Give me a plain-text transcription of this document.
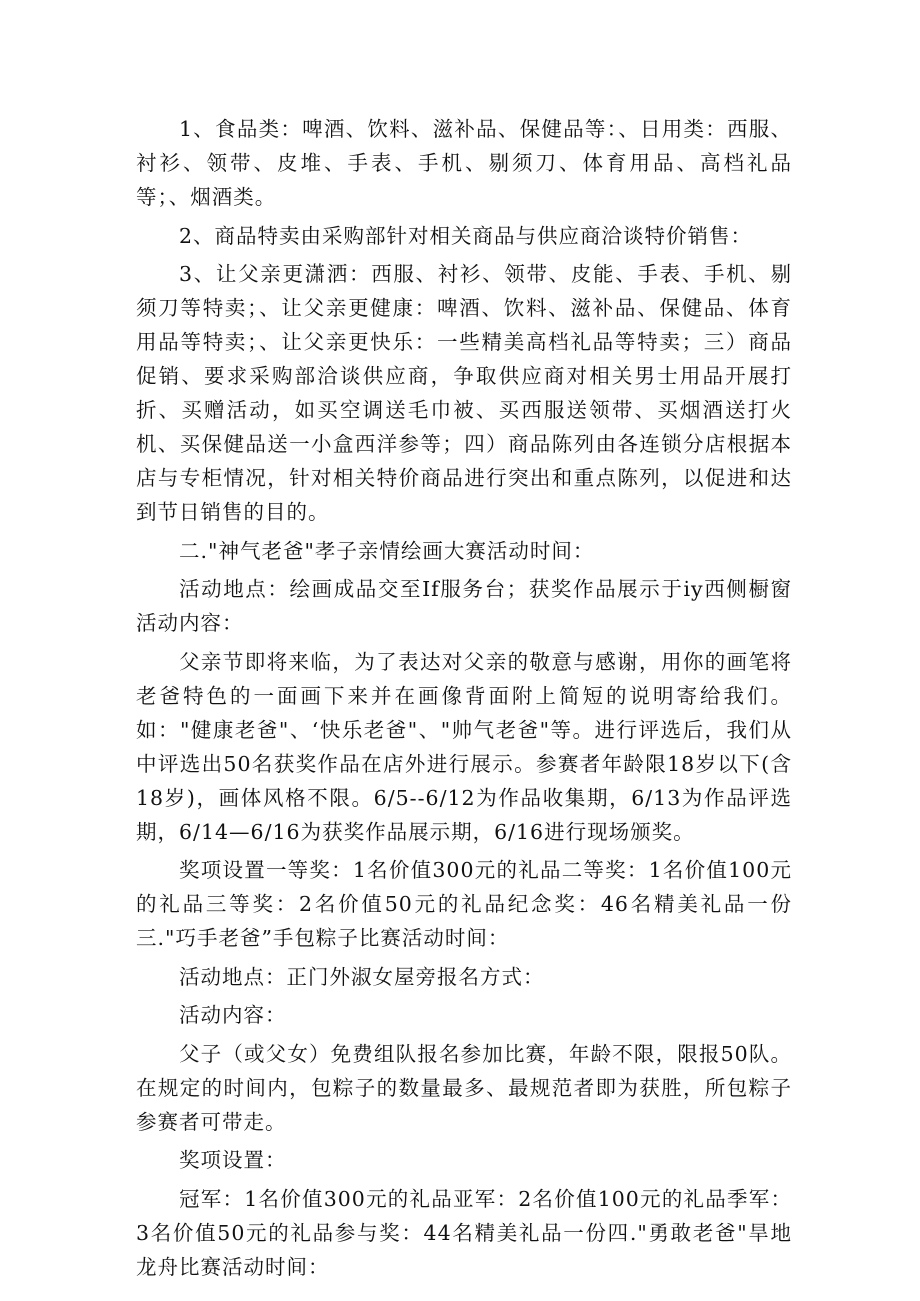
1、食品类：啤酒、饮料、滋补品、保健品等：、日用类：西服、衬衫、领带、皮堆、手表、手机、剔须刀、体育用品、高档礼品等；、烟酒类。

2、商品特卖由采购部针对相关商品与供应商洽谈特价销售：

3、让父亲更潇洒：西服、衬衫、领带、皮能、手表、手机、剔须刀等特卖；、让父亲更健康：啤酒、饮料、滋补品、保健品、体育用品等特卖；、让父亲更快乐：一些精美高档礼品等特卖；三）商品促销、要求采购部洽谈供应商，争取供应商对相关男士用品开展打折、买赠活动，如买空调送毛巾被、买西服送领带、买烟酒送打火机、买保健品送一小盒西洋参等；四）商品陈列由各连锁分店根据本店与专柜情况，针对相关特价商品进行突出和重点陈列，以促进和达到节日销售的目的。

二."神气老爸"孝子亲情绘画大赛活动时间：

活动地点：绘画成品交至If服务台；获奖作品展示于iy西侧橱窗活动内容：

父亲节即将来临，为了表达对父亲的敬意与感谢，用你的画笔将老爸特色的一面画下来并在画像背面附上简短的说明寄给我们。如："健康老爸"、‘快乐老爸"、"帅气老爸"等。进行评选后，我们从中评选出50名获奖作品在店外进行展示。参赛者年龄限18岁以下(含18岁)，画体风格不限。6/5--6/12为作品收集期，6/13为作品评选期，6/14—6/16为获奖作品展示期，6/16进行现场颁奖。

奖项设置一等奖：1名价值300元的礼品二等奖：1名价值100元的礼品三等奖：2名价值50元的礼品纪念奖：46名精美礼品一份三."巧手老爸”手包粽子比赛活动时间：

活动地点：正门外淑女屋旁报名方式：

活动内容：

父子（或父女）免费组队报名参加比赛，年龄不限，限报50队。在规定的时间内，包粽子的数量最多、最规范者即为获胜，所包粽子参赛者可带走。

奖项设置：

冠军：1名价值300元的礼品亚军：2名价值100元的礼品季军：3名价值50元的礼品参与奖：44名精美礼品一份四."勇敢老爸"旱地龙舟比赛活动时间：
